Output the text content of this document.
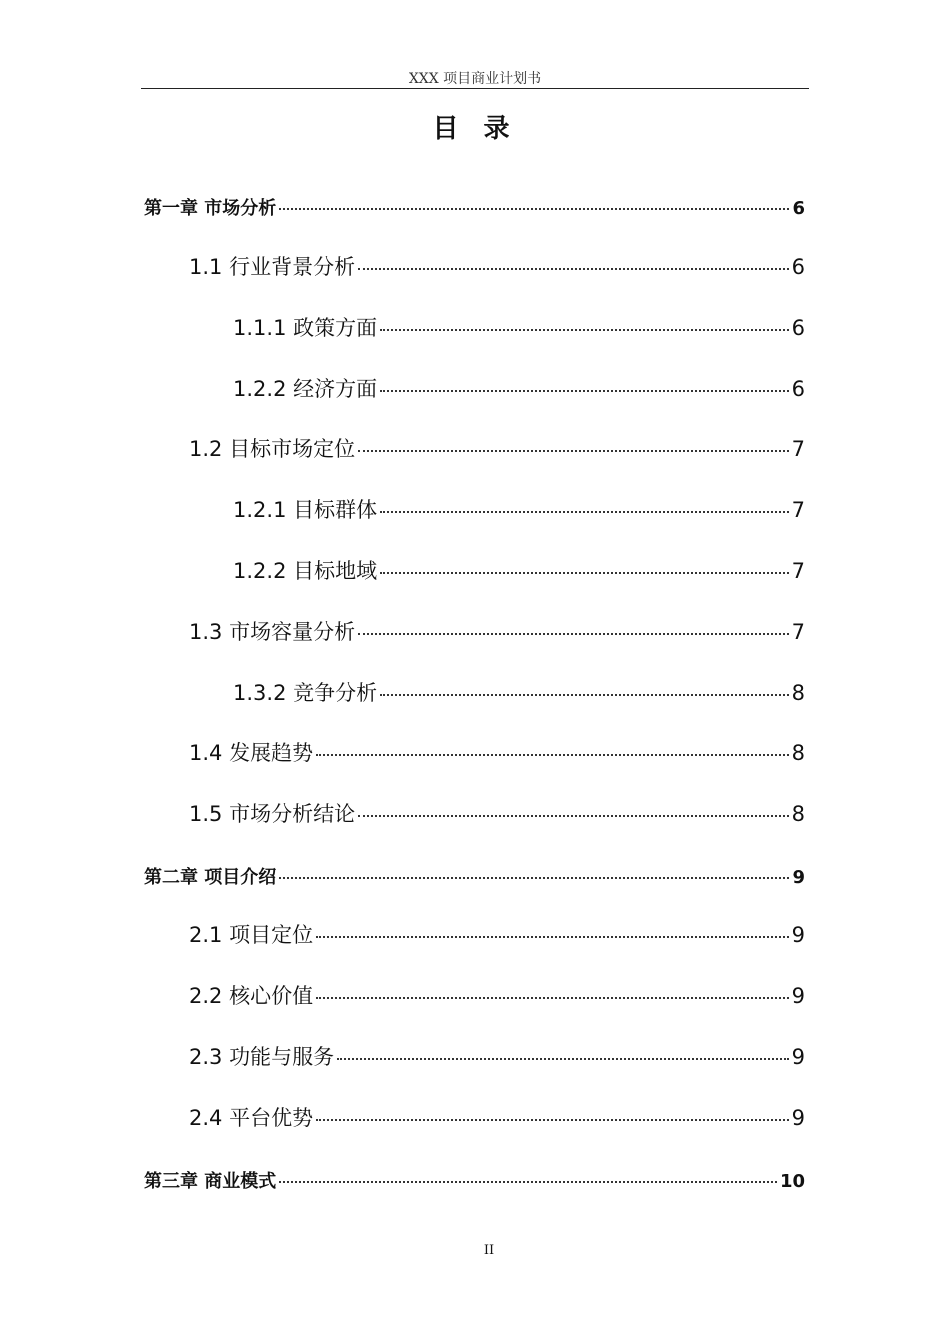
XXX 项目商业计划书
目 录
第一章 市场分析	6
1.1 行业背景分析	6
1.1.1 政策方面	6
1.2.2 经济方面	6
1.2 目标市场定位	7
1.2.1 目标群体	7
1.2.2 目标地域	7
1.3 市场容量分析	7
1.3.2 竞争分析	8
1.4 发展趋势	8
1.5 市场分析结论	8
第二章 项目介绍	9
2.1 项目定位	9
2.2 核心价值	9
2.3 功能与服务	9
2.4 平台优势	9
第三章 商业模式	10
II
